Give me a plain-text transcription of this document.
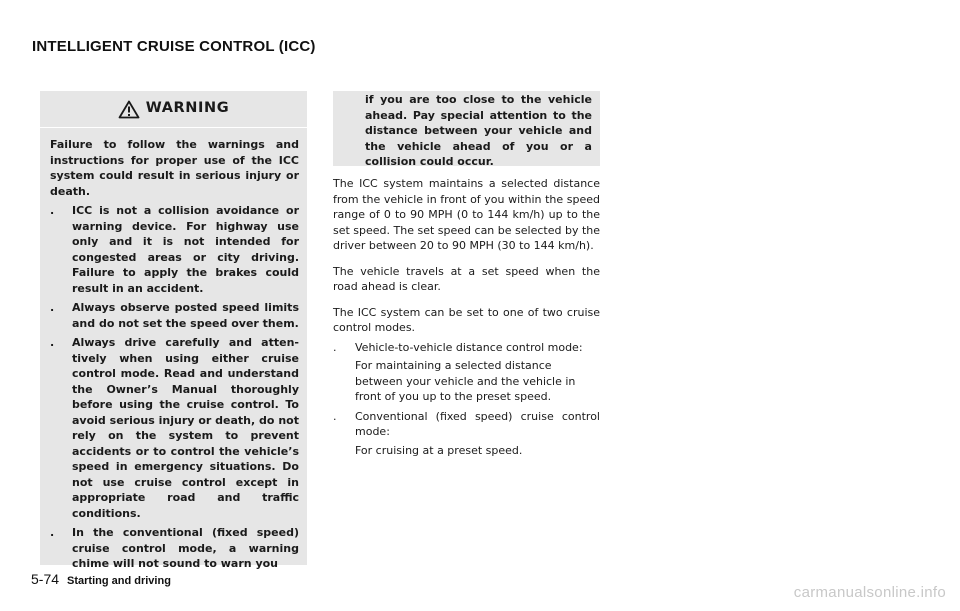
INTELLIGENT CRUISE CONTROL (ICC)
WARNING

Failure to follow the warnings and instructions for proper use of the ICC system could result in serious injury or death.

. ICC is not a collision avoidance or warning device. For highway use only and it is not intended for congested areas or city driving. Failure to apply the brakes could result in an accident.
. Always observe posted speed limits and do not set the speed over them.
. Always drive carefully and attentively when using either cruise control mode. Read and understand the Owner’s Manual thoroughly before using the cruise control. To avoid serious injury or death, do not rely on the system to prevent accidents or to control the vehicle’s speed in emergency situations. Do not use cruise control except in appropriate road and traffic conditions.
. In the conventional (fixed speed) cruise control mode, a warning chime will not sound to warn you

if you are too close to the vehicle ahead. Pay special attention to the distance between your vehicle and the vehicle ahead of you or a collision could occur.

The ICC system maintains a selected distance from the vehicle in front of you within the speed range of 0 to 90 MPH (0 to 144 km/h) up to the set speed. The set speed can be selected by the driver between 20 to 90 MPH (30 to 144 km/h).

The vehicle travels at a set speed when the road ahead is clear.

The ICC system can be set to one of two cruise control modes.

. Vehicle-to-vehicle distance control mode:

For maintaining a selected distance between your vehicle and the vehicle in front of you up to the preset speed.

. Conventional (fixed speed) cruise control mode:

For cruising at a preset speed.

5-74 Starting and driving
carmanualsonline.info
